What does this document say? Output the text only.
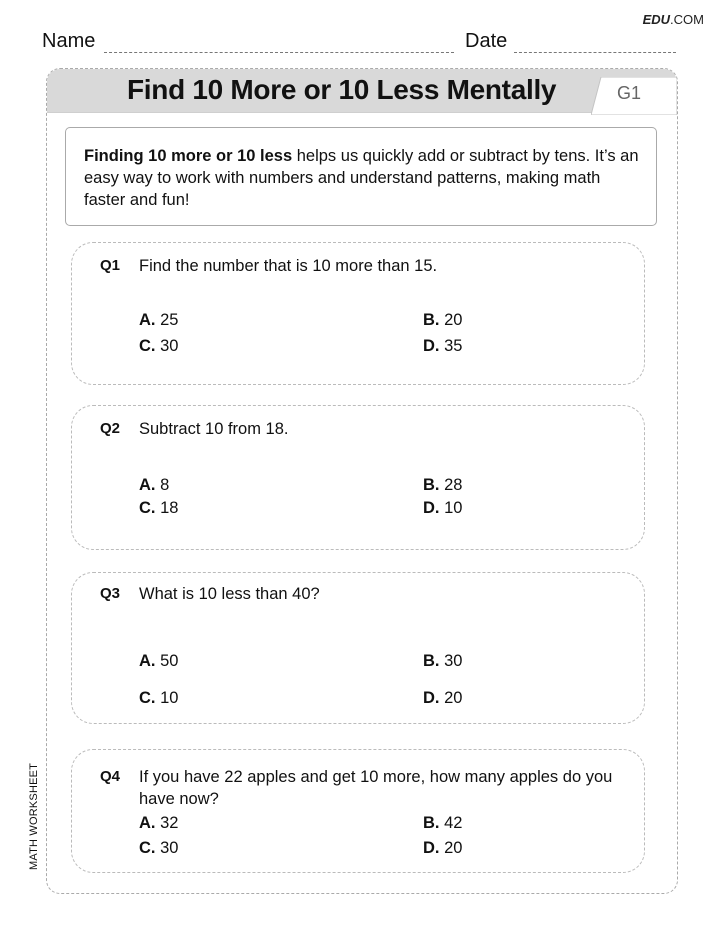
EDU.COM
Name	Date
Find 10 More or 10 Less Mentally	G1
Finding 10 more or 10 less helps us quickly add or subtract by tens. It’s an easy way to work with numbers and understand patterns, making math faster and fun!
Q1 Find the number that is 10 more than 15.
A. 25	B. 20
C. 30	D. 35
Q2 Subtract 10 from 18.
A. 8	B. 28
C. 18	D. 10
Q3 What is 10 less than 40?
A. 50	B. 30
C. 10	D. 20
Q4 If you have 22 apples and get 10 more, how many apples do you have now?
A. 32	B. 42
C. 30	D. 20
MATH WORKSHEET
